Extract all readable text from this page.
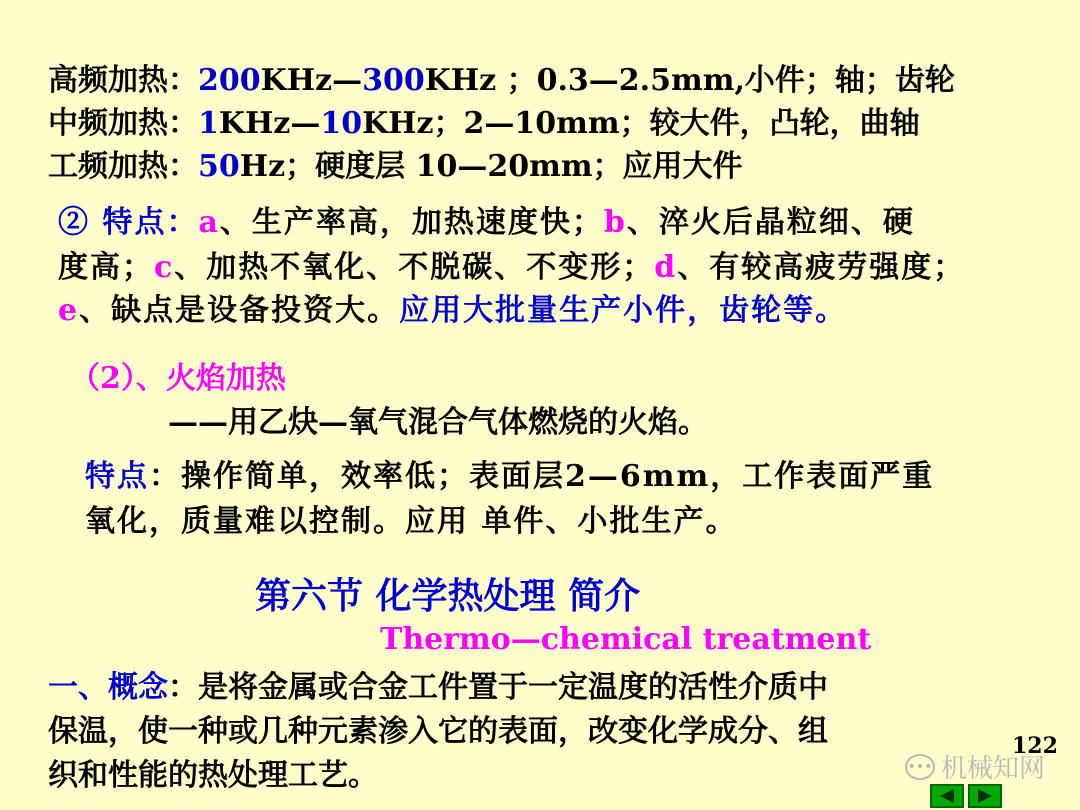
高频加热：200KHz—300KHz ；0.3—2.5mm,小件；轴；齿轮
中频加热：1KHz—10KHz；2—10mm；较大件，凸轮，曲轴
工频加热：50Hz；硬度层 10—20mm；应用大件
② 特点：a、生产率高，加热速度快；b、淬火后晶粒细、硬
度高；c、加热不氧化、不脱碳、不变形；d、有较高疲劳强度；
e、缺点是设备投资大。应用大批量生产小件，齿轮等。
（2）、火焰加热
——用乙炔—氧气混合气体燃烧的火焰。
特点：操作简单，效率低；表面层2—6mm，工作表面严重
氧化，质量难以控制。应用 单件、小批生产。
第六节 化学热处理 简介
Thermo—chemical treatment
一、概念：是将金属或合金工件置于一定温度的活性介质中
保温，使一种或几种元素渗入它的表面，改变化学成分、组
织和性能的热处理工艺。
122
••• 机械知网
